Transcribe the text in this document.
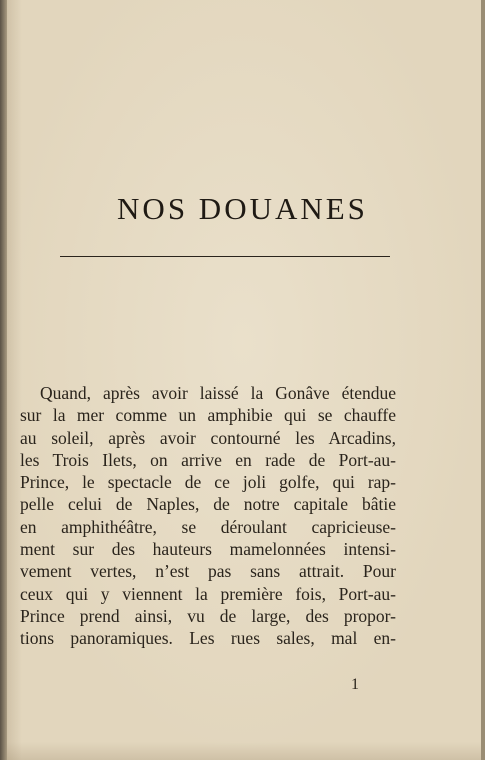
NOS DOUANES
Quand, après avoir laissé la Gonâve étendue
sur la mer comme un amphibie qui se chauffe
au soleil, après avoir contourné les Arcadins,
les Trois Ilets, on arrive en rade de Port-au-
Prince, le spectacle de ce joli golfe, qui rap-
pelle celui de Naples, de notre capitale bâtie
en amphithéâtre, se déroulant capricieuse-
ment sur des hauteurs mamelonnées intensi-
vement vertes, n’est pas sans attrait. Pour
ceux qui y viennent la première fois, Port-au-
Prince prend ainsi, vu de large, des propor-
tions panoramiques. Les rues sales, mal en-
1
